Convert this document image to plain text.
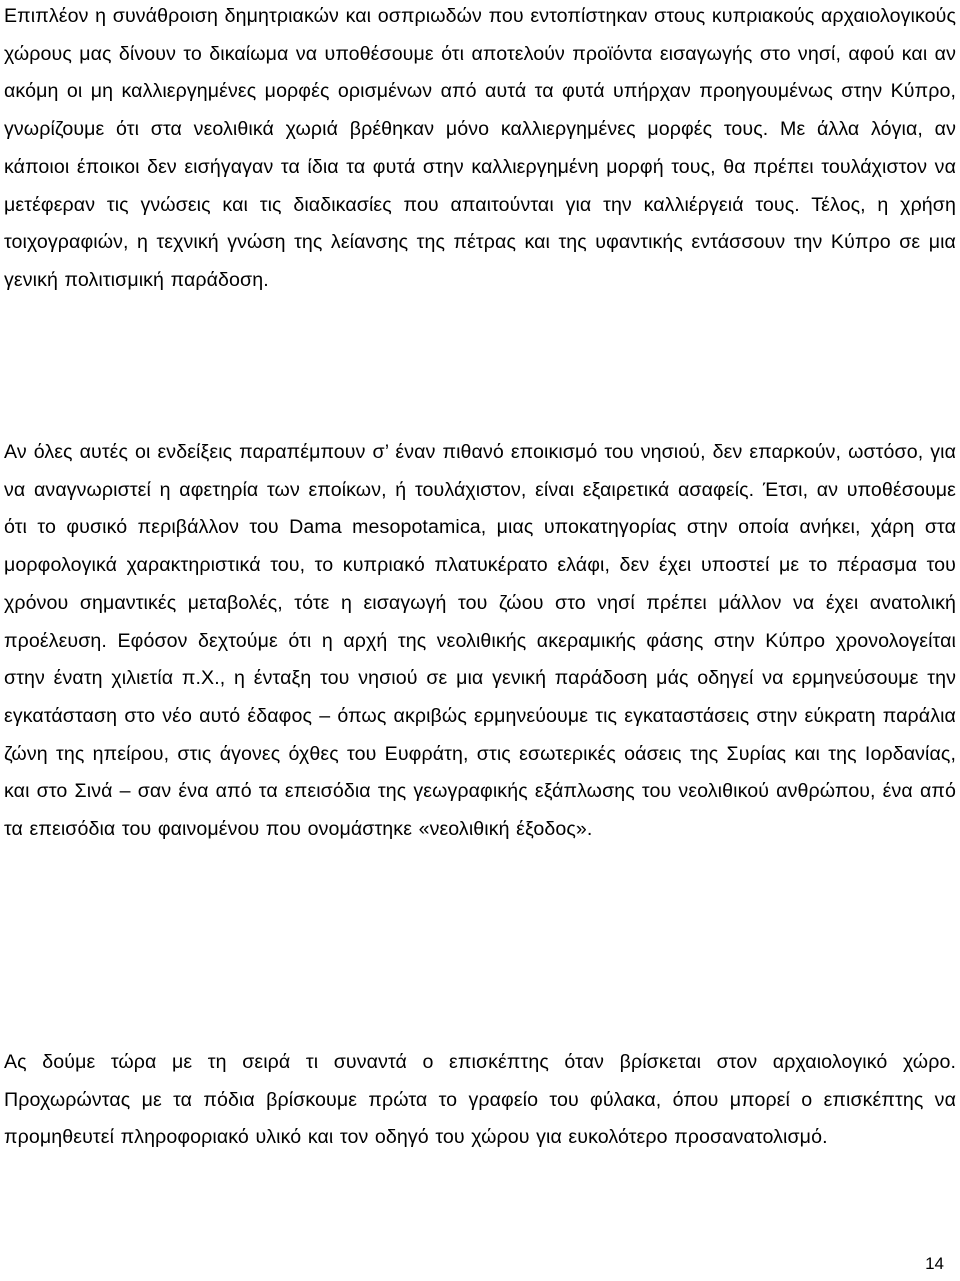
Επιπλέον η συνάθροιση δημητριακών και οσπριωδών που εντοπίστηκαν στους κυπριακούς αρχαιολογικούς χώρους μας δίνουν το δικαίωμα να υποθέσουμε ότι αποτελούν προϊόντα εισαγωγής στο νησί, αφού και αν ακόμη οι μη καλλιεργημένες μορφές ορισμένων από αυτά τα φυτά υπήρχαν προηγουμένως στην Κύπρο, γνωρίζουμε ότι στα νεολιθικά χωριά βρέθηκαν μόνο καλλιεργημένες μορφές τους. Με άλλα λόγια, αν κάποιοι έποικοι δεν εισήγαγαν τα ίδια τα φυτά στην καλλιεργημένη μορφή τους, θα πρέπει τουλάχιστον να μετέφεραν τις γνώσεις και τις διαδικασίες που απαιτούνται για την καλλιέργειά τους. Τέλος, η χρήση τοιχογραφιών, η τεχνική γνώση της λείανσης της πέτρας και της υφαντικής εντάσσουν την Κύπρο σε μια γενική πολιτισμική παράδοση.

Αν όλες αυτές οι ενδείξεις παραπέμπουν σ’ έναν πιθανό εποικισμό του νησιού, δεν επαρκούν, ωστόσο, για να αναγνωριστεί η αφετηρία των εποίκων, ή τουλάχιστον, είναι εξαιρετικά ασαφείς. Έτσι, αν υποθέσουμε ότι το φυσικό περιβάλλον του Dama mesopotamica, μιας υποκατηγορίας στην οποία ανήκει, χάρη στα μορφολογικά χαρακτηριστικά του, το κυπριακό πλατυκέρατο ελάφι, δεν έχει υποστεί με το πέρασμα του χρόνου σημαντικές μεταβολές, τότε η εισαγωγή του ζώου στο νησί πρέπει μάλλον να έχει ανατολική προέλευση. Εφόσον δεχτούμε ότι η αρχή της νεολιθικής ακεραμικής φάσης στην Κύπρο χρονολογείται στην ένατη χιλιετία π.Χ., η ένταξη του νησιού σε μια γενική παράδοση μάς οδηγεί να ερμηνεύσουμε την εγκατάσταση στο νέο αυτό έδαφος – όπως ακριβώς ερμηνεύουμε τις εγκαταστάσεις στην εύκρατη παράλια ζώνη της ηπείρου, στις άγονες όχθες του Ευφράτη, στις εσωτερικές οάσεις της Συρίας και της Ιορδανίας, και στο Σινά – σαν ένα από τα επεισόδια της γεωγραφικής εξάπλωσης του νεολιθικού ανθρώπου, ένα από τα επεισόδια του φαινομένου που ονομάστηκε «νεολιθική έξοδος».

Ας δούμε τώρα με τη σειρά τι συναντά ο επισκέπτης όταν βρίσκεται στον αρχαιολογικό χώρο. Προχωρώντας με τα πόδια βρίσκουμε πρώτα το γραφείο του φύλακα, όπου μπορεί ο επισκέπτης να προμηθευτεί πληροφοριακό υλικό και τον οδηγό του χώρου για ευκολότερο προσανατολισμό.

14
